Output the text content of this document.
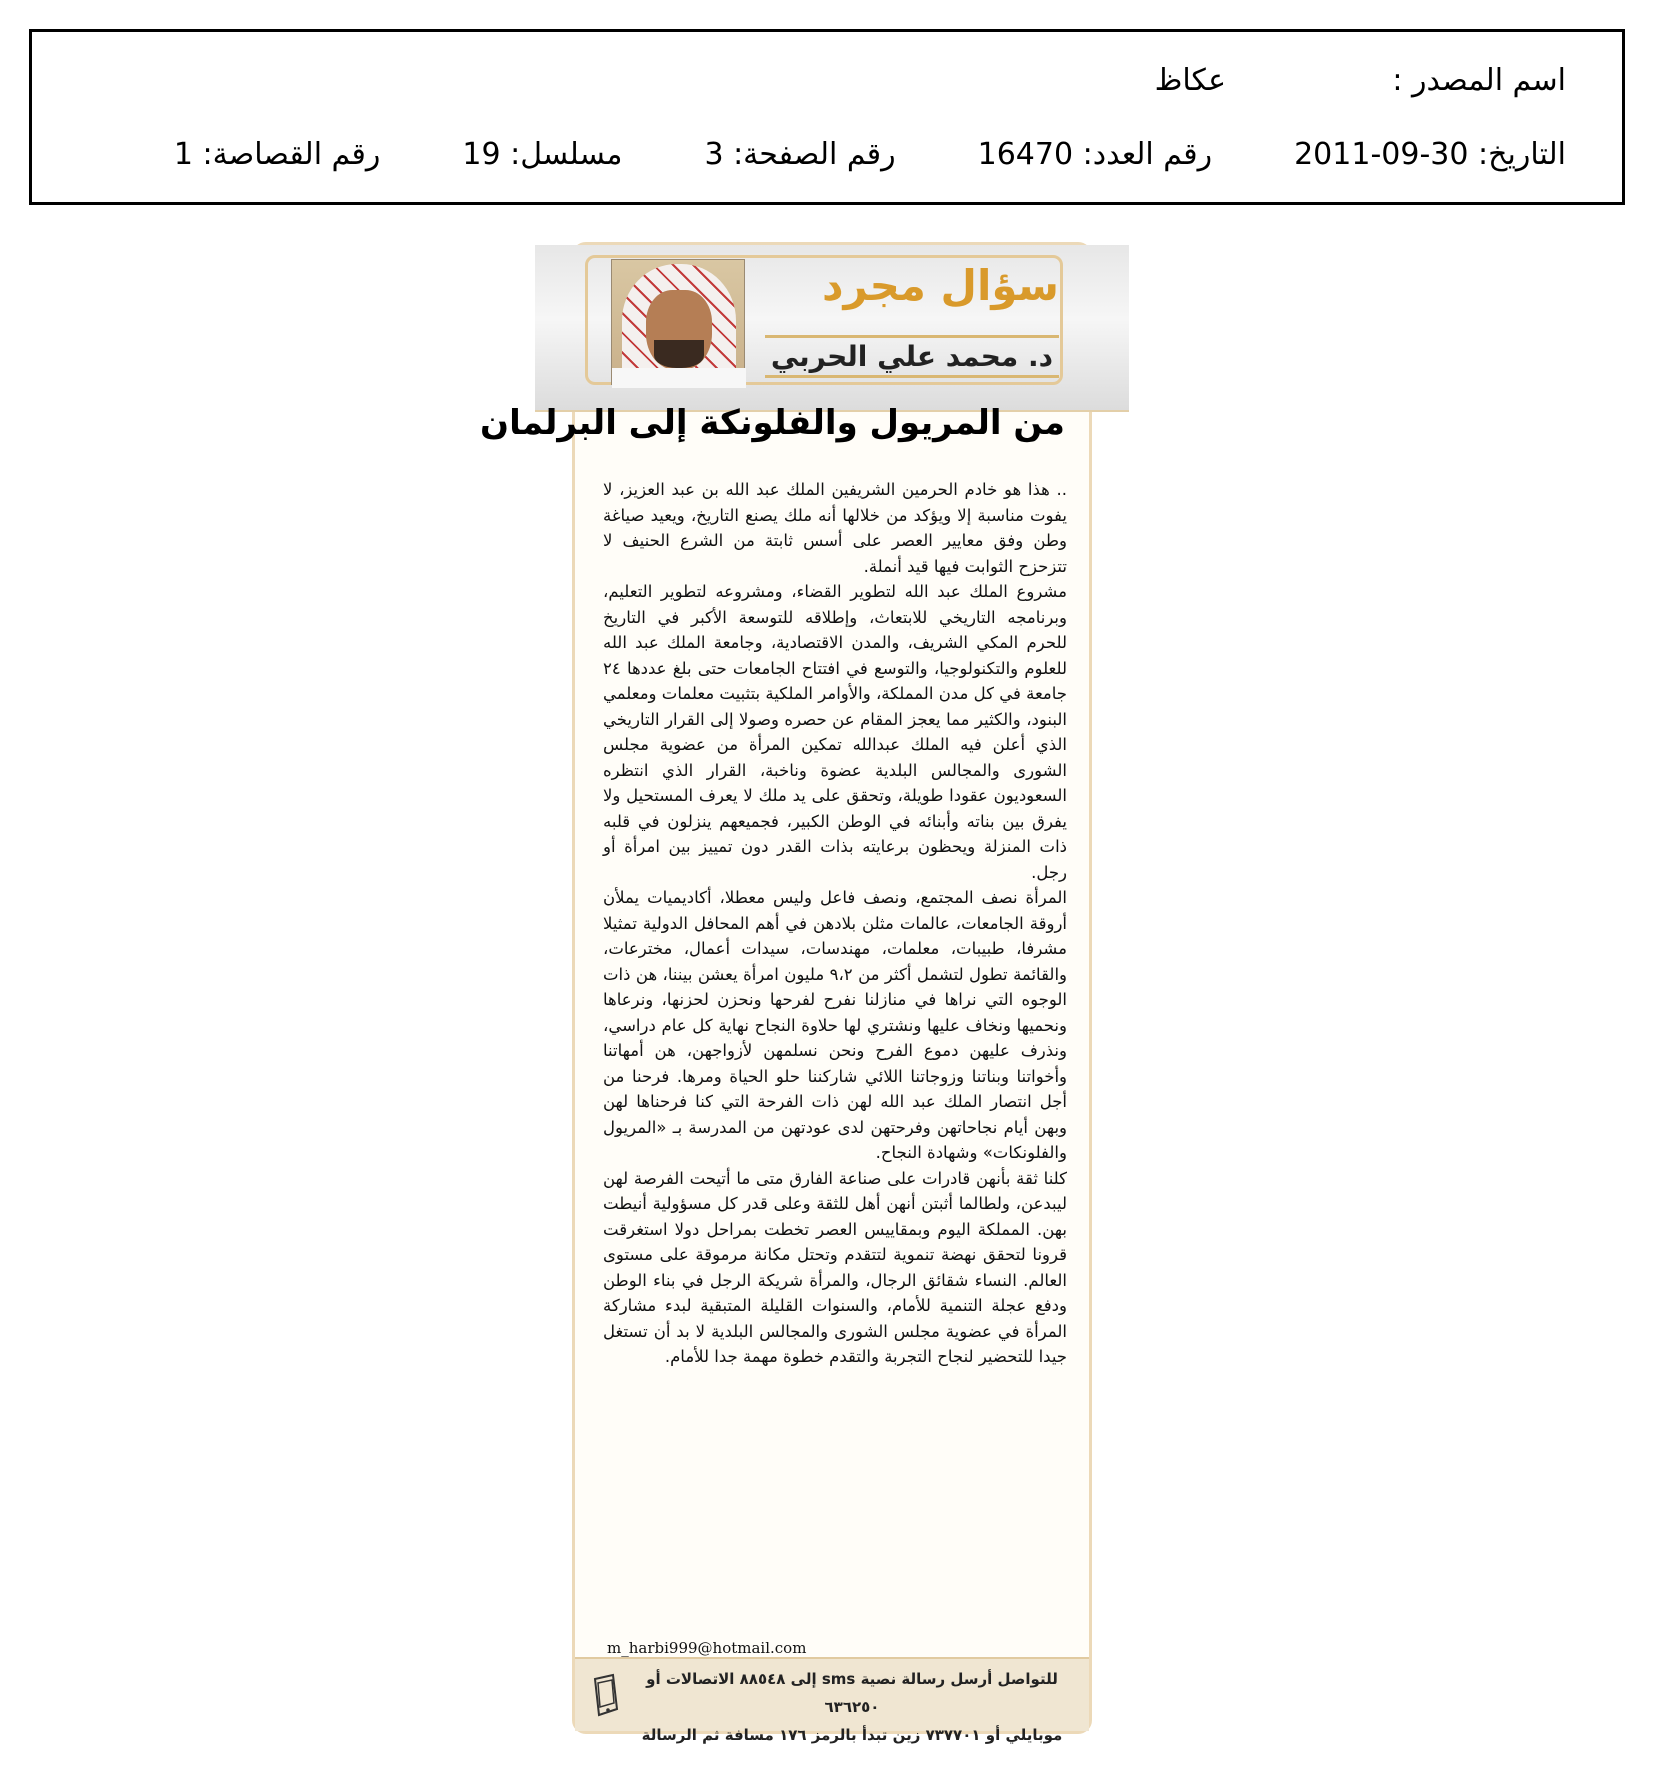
اسم المصدر :
عكاظ
التاريخ: 30-09-2011
رقم العدد: 16470
رقم الصفحة: 3
مسلسل: 19
رقم القصاصة: 1
سؤال مجرد
د. محمد علي الحربي
من المريول والفلونكة إلى البرلمان

.. هذا هو خادم الحرمين الشريفين الملك عبد الله بن عبد العزيز، لا يفوت مناسبة إلا ويؤكد من خلالها أنه ملك يصنع التاريخ، ويعيد صياغة وطن وفق معايير العصر على أسس ثابتة من الشرع الحنيف لا تتزحزح الثوابت فيها قيد أنملة.

مشروع الملك عبد الله لتطوير القضاء، ومشروعه لتطوير التعليم، وبرنامجه التاريخي للابتعاث، وإطلاقه للتوسعة الأكبر في التاريخ للحرم المكي الشريف، والمدن الاقتصادية، وجامعة الملك عبد الله للعلوم والتكنولوجيا، والتوسع في افتتاح الجامعات حتى بلغ عددها ٢٤ جامعة في كل مدن المملكة، والأوامر الملكية بتثبيت معلمات ومعلمي البنود، والكثير مما يعجز المقام عن حصره وصولا إلى القرار التاريخي الذي أعلن فيه الملك عبدالله تمكين المرأة من عضوية مجلس الشورى والمجالس البلدية عضوة وناخبة، القرار الذي انتظره السعوديون عقودا طويلة، وتحقق على يد ملك لا يعرف المستحيل ولا يفرق بين بناته وأبنائه في الوطن الكبير، فجميعهم ينزلون في قلبه ذات المنزلة ويحظون برعايته بذات القدر دون تمييز بين امرأة أو رجل.

المرأة نصف المجتمع، ونصف فاعل وليس معطلا، أكاديميات يملأن أروقة الجامعات، عالمات مثلن بلادهن في أهم المحافل الدولية تمثيلا مشرفا، طبيبات، معلمات، مهندسات، سيدات أعمال، مخترعات، والقائمة تطول لتشمل أكثر من ٩،٢ مليون امرأة يعشن بيننا، هن ذات الوجوه التي نراها في منازلنا نفرح لفرحها ونحزن لحزنها، ونرعاها ونحميها ونخاف عليها ونشتري لها حلاوة النجاح نهاية كل عام دراسي، ونذرف عليهن دموع الفرح ونحن نسلمهن لأزواجهن، هن أمهاتنا وأخواتنا وبناتنا وزوجاتنا اللائي شاركننا حلو الحياة ومرها. فرحنا من أجل انتصار الملك عبد الله لهن ذات الفرحة التي كنا فرحناها لهن وبهن أيام نجاحاتهن وفرحتهن لدى عودتهن من المدرسة بـ «المريول والفلونكات» وشهادة النجاح.

كلنا ثقة بأنهن قادرات على صناعة الفارق متى ما أتيحت الفرصة لهن ليبدعن، ولطالما أثبتن أنهن أهل للثقة وعلى قدر كل مسؤولية أنيطت بهن. المملكة اليوم وبمقاييس العصر تخطت بمراحل دولا استغرقت قرونا لتحقق نهضة تنموية لتتقدم وتحتل مكانة مرموقة على مستوى العالم. النساء شقائق الرجال، والمرأة شريكة الرجل في بناء الوطن ودفع عجلة التنمية للأمام، والسنوات القليلة المتبقية لبدء مشاركة المرأة في عضوية مجلس الشورى والمجالس البلدية لا بد أن تستغل جيدا للتحضير لنجاح التجربة والتقدم خطوة مهمة جدا للأمام.

m_harbi999@hotmail.com
للتواصل أرسل رسالة نصية sms إلى ٨٨٥٤٨ الاتصالات أو ٦٣٦٢٥٠
موبايلي أو ٧٣٧٧٠١ زين تبدأ بالرمز ١٧٦ مسافة ثم الرسالة
